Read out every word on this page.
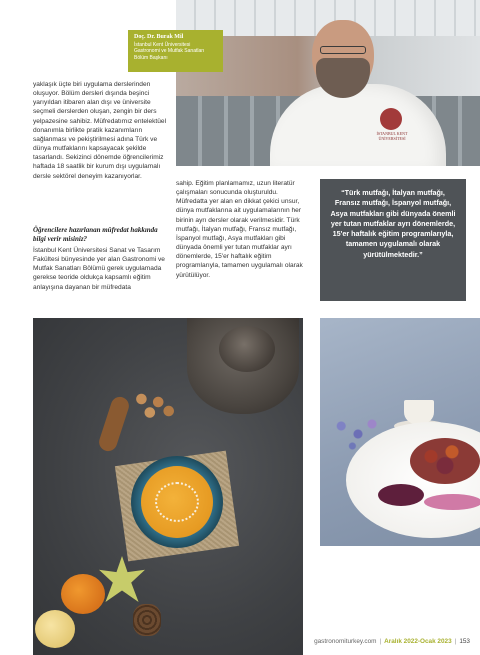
İSTANBUL KENT ÜNİVERSİTESİ
Doç. Dr. Burak Mil
İstanbul Kent Üniversitesi
Gastronomi ve Mutfak Sanatları
Bölüm Başkanı

yaklaşık üçte biri uygulama derslerinden oluşuyor. Bölüm dersleri dışında beşinci yarıyıldan itibaren alan dışı ve üniversite seçmeli derslerden oluşan, zengin bir ders yelpazesine sahibiz. Müfredatımız entelektüel donanımla birlikte pratik kazanımların sağlanması ve pekiştirilmesi adına Türk ve dünya mutfaklarını kapsayacak şekilde tasarlandı. Sekizinci dönemde öğrencilerimiz haftada 18 saatlik bir kurum dışı uygulamalı dersle sektörel deneyim kazanıyorlar.

Öğrencilere hazırlanan müfredat hakkında bilgi verir misiniz?

İstanbul Kent Üniversitesi Sanat ve Tasarım Fakültesi bünyesinde yer alan Gastronomi ve Mutfak Sanatları Bölümü gerek uygulamada gerekse teoride oldukça kapsamlı eğitim anlayışına dayanan bir müfredata

sahip. Eğitim planlamamız, uzun literatür çalışmaları sonucunda oluşturuldu. Müfredatta yer alan en dikkat çekici unsur, dünya mutfaklarına ait uygulamalarının her birinin ayrı dersler olarak verilmesidir. Türk mutfağı, İtalyan mutfağı, Fransız mutfağı, İspanyol mutfağı, Asya mutfakları gibi dünyada önemli yer tutan mutfaklar ayrı dönemlerde, 15'er haftalık eğitim programlarıyla, tamamen uygulamalı olarak yürütülüyor.

“Türk mutfağı, İtalyan mutfağı, Fransız mutfağı, İspanyol mutfağı, Asya mutfakları gibi dünyada önemli yer tutan mutfaklar ayrı dönemlerde, 15'er haftalık eğitim programlarıyla, tamamen uygulamalı olarak yürütülmektedir.”
gastronomiturkey.com | Aralık 2022-Ocak 2023 | 153
